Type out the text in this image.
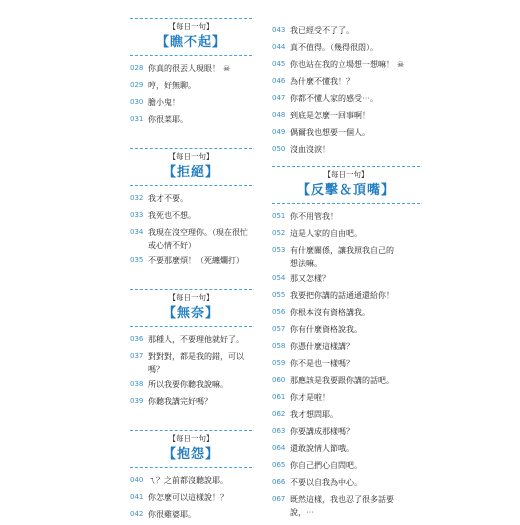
【每日一句】
【瞧不起】
028 你真的很丟人現眼！ ☠
029 哼，好無聊。
030 膽小鬼！
031 你很菜耶。
【每日一句】
【拒絕】
032 我才不要。
033 我死也不想。
034 我現在沒空理你。（現在很忙
或心情不好）
035 不要那麼煩！（死纏爛打）
【每日一句】
【無奈】
036 那種人，不要理他就好了。
037 對對對，都是我的錯，可以嗎？
038 所以我要你聽我說嘛。
039 你聽我講完好嗎？
【每日一句】
【抱怨】
040 ㄟ？之前都沒聽說耶。
041 你怎麼可以這樣說！？
042 你很雞婆耶。
043 我已經受不了了。
044 真不值得。（幾得很悶）。
045 你也站在我的立場想一想嘛！ ☠
046 為什麼不懂我！？
047 你都不懂人家的感受⋯。
048 到底是怎麼一回事啊！
049 偶爾我也想要一個人。
050 沒血沒淚！
【每日一句】
【反擊＆頂嘴】
051 你不用管我！
052 這是人家的自由吧。
053 有什麼關係，讓我照我自己的
想法嘛。
054 那又怎樣？
055 我要把你講的話通通還給你！
056 你根本沒有資格講我。
057 你有什麼資格說我。
058 你憑什麼這樣講？
059 你不是也一樣嗎？
060 那應該是我要跟你講的話吧。
061 你才是啦！
062 我才想問耶。
063 你要講成那樣嗎？
064 還敢說情人節哦。
065 你自己捫心自問吧。
066 不要以自我為中心。
067 既然這樣，我也忍了很多話要
說，⋯
